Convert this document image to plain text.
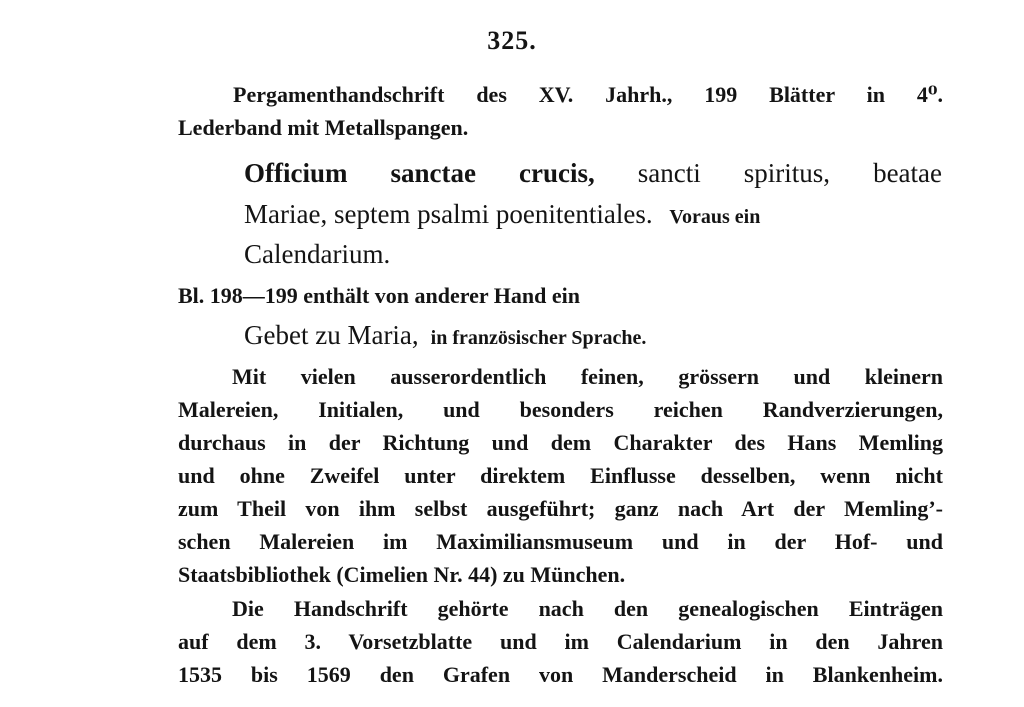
325.
Pergamenthandschrift des XV. Jahrh., 199 Blätter in 4⁰.
Lederband mit Metallspangen.
Officium sanctae crucis, sancti spiritus, beatae
Mariae, septem psalmi poenitentiales. Voraus ein
Calendarium.
Bl. 198—199 enthält von anderer Hand ein
Gebet zu Maria, in französischer Sprache.
Mit vielen ausserordentlich feinen, grössern und kleinern
Malereien, Initialen, und besonders reichen Randverzierungen,
durchaus in der Richtung und dem Charakter des Hans Memling
und ohne Zweifel unter direktem Einflusse desselben, wenn nicht
zum Theil von ihm selbst ausgeführt; ganz nach Art der Memling’-
schen Malereien im Maximiliansmuseum und in der Hof- und
Staatsbibliothek (Cimelien Nr. 44) zu München.
Die Handschrift gehörte nach den genealogischen Einträgen
auf dem 3. Vorsetzblatte und im Calendarium in den Jahren
1535 bis 1569 den Grafen von Manderscheid in Blankenheim.
